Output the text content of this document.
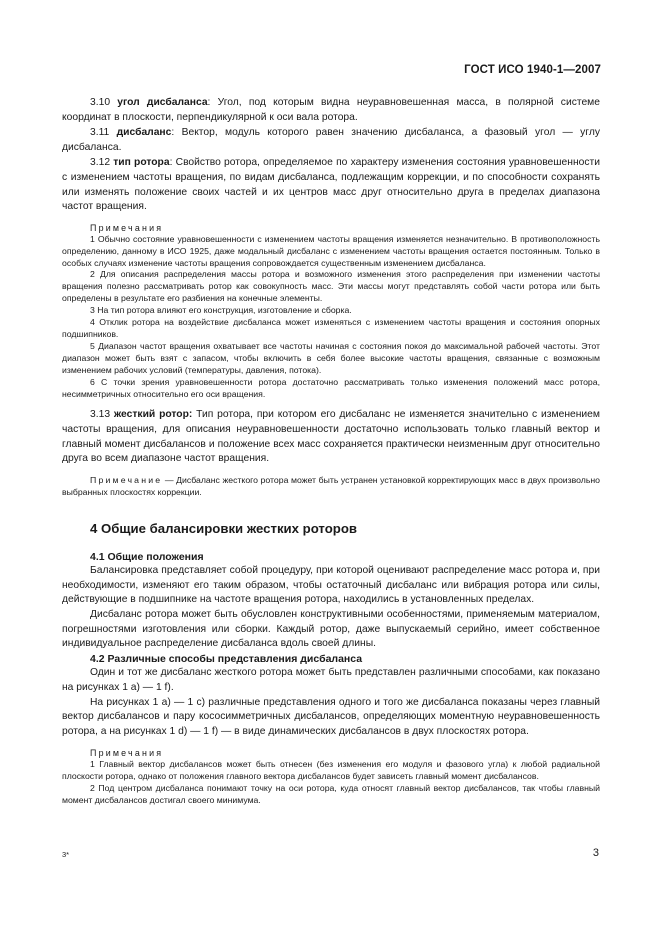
ГОСТ ИСО 1940-1—2007

3.10 угол дисбаланса: Угол, под которым видна неуравновешенная масса, в полярной системе координат в плоскости, перпендикулярной к оси вала ротора.

3.11 дисбаланс: Вектор, модуль которого равен значению дисбаланса, а фазовый угол — углу дисбаланса.

3.12 тип ротора: Свойство ротора, определяемое по характеру изменения состояния уравновешенности с изменением частоты вращения, по видам дисбаланса, подлежащим коррекции, и по способности сохранять или изменять положение своих частей и их центров масс друг относительно друга в пределах диапазона частот вращения.

Примечания

1 Обычно состояние уравновешенности с изменением частоты вращения изменяется незначительно. В противоположность определению, данному в ИСО 1925, даже модальный дисбаланс с изменением частоты вращения остается постоянным. Только в особых случаях изменение частоты вращения сопровождается существенным изменением дисбаланса.

2 Для описания распределения массы ротора и возможного изменения этого распределения при изменении частоты вращения полезно рассматривать ротор как совокупность масс. Эти массы могут представлять собой части ротора или быть определены в результате его разбиения на конечные элементы.

3 На тип ротора влияют его конструкция, изготовление и сборка.

4 Отклик ротора на воздействие дисбаланса может изменяться с изменением частоты вращения и состояния опорных подшипников.

5 Диапазон частот вращения охватывает все частоты начиная с состояния покоя до максимальной рабочей частоты. Этот диапазон может быть взят с запасом, чтобы включить в себя более высокие частоты вращения, связанные с возможным изменением рабочих условий (температуры, давления, потока).

6 С точки зрения уравновешенности ротора достаточно рассматривать только изменения положений масс ротора, несимметричных относительно его оси вращения.

3.13 жесткий ротор: Тип ротора, при котором его дисбаланс не изменяется значительно с изменением частоты вращения, для описания неуравновешенности достаточно использовать только главный вектор и главный момент дисбалансов и положение всех масс сохраняется практически неизменным друг относительно друга во всем диапазоне частот вращения.

Примечание — Дисбаланс жесткого ротора может быть устранен установкой корректирующих масс в двух произвольно выбранных плоскостях коррекции.

4 Общие балансировки жестких роторов

4.1 Общие положения

Балансировка представляет собой процедуру, при которой оценивают распределение масс ротора и, при необходимости, изменяют его таким образом, чтобы остаточный дисбаланс или вибрация ротора или силы, действующие в подшипнике на частоте вращения ротора, находились в установленных пределах.

Дисбаланс ротора может быть обусловлен конструктивными особенностями, применяемым материалом, погрешностями изготовления или сборки. Каждый ротор, даже выпускаемый серийно, имеет собственное индивидуальное распределение дисбаланса вдоль своей длины.

4.2 Различные способы представления дисбаланса

Один и тот же дисбаланс жесткого ротора может быть представлен различными способами, как показано на рисунках 1 а) — 1 f).

На рисунках 1 а) — 1 с) различные представления одного и того же дисбаланса показаны через главный вектор дисбалансов и пару кососимметричных дисбалансов, определяющих моментную неуравновешенность ротора, а на рисунках 1 d) — 1 f) — в виде динамических дисбалансов в двух плоскостях ротора.

Примечания

1 Главный вектор дисбалансов может быть отнесен (без изменения его модуля и фазового угла) к любой радиальной плоскости ротора, однако от положения главного вектора дисбалансов будет зависеть главный момент дисбалансов.

2 Под центром дисбаланса понимают точку на оси ротора, куда относят главный вектор дисбалансов, так чтобы главный момент дисбалансов достигал своего минимума.

3*	3
